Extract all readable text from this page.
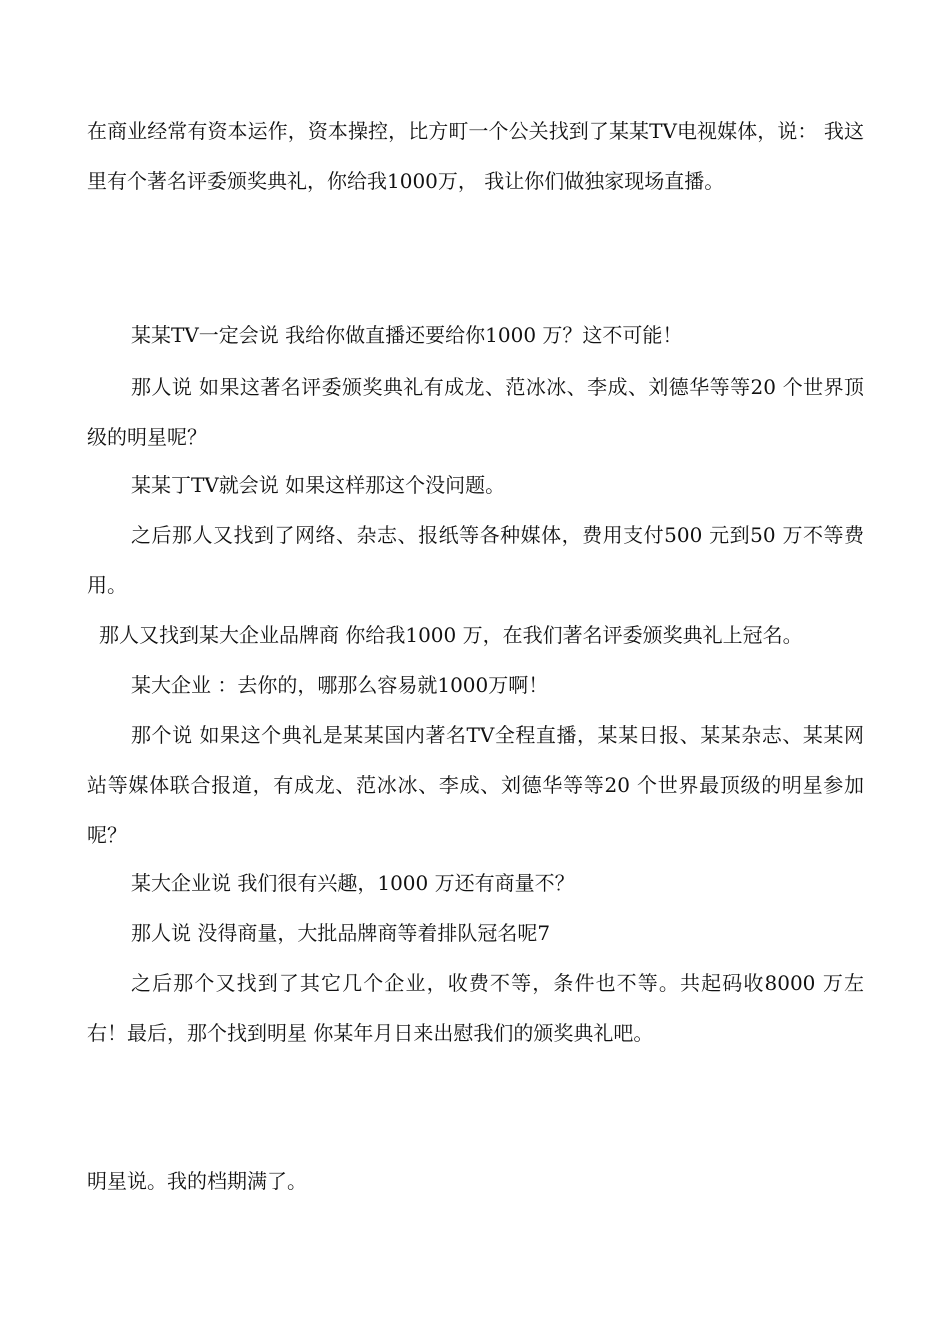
在商业经常有资本运作，资本操控，比方町一个公关找到了某某TV电视媒体，说： 我这里有个著名评委颁奖典礼，你给我1000万， 我让你们做独家现场直播。

某某TV一定会说 我给你做直播还要给你1000 万？这不可能！

那人说 如果这著名评委颁奖典礼有成龙、范冰冰、李成、刘德华等等20 个世界顶级的明星呢？

某某丁TV就会说 如果这样那这个没问题。

之后那人又找到了网络、杂志、报纸等各种媒体，费用支付500 元到50 万不等费用。

那人又找到某大企业品牌商 你给我1000 万，在我们著名评委颁奖典礼上冠名。

某大企业 ：去你的，哪那么容易就1000万啊！

那个说 如果这个典礼是某某国内著名TV全程直播，某某日报、某某杂志、某某网站等媒体联合报道，有成龙、范冰冰、李成、刘德华等等20 个世界最顶级的明星参加呢？

某大企业说 我们很有兴趣，1000 万还有商量不？

那人说 没得商量，大批品牌商等着排队冠名呢7

之后那个又找到了其它几个企业，收费不等，条件也不等。共起码收8000 万左右！最后，那个找到明星 你某年月日来出慰我们的颁奖典礼吧。

明星说。我的档期满了。
